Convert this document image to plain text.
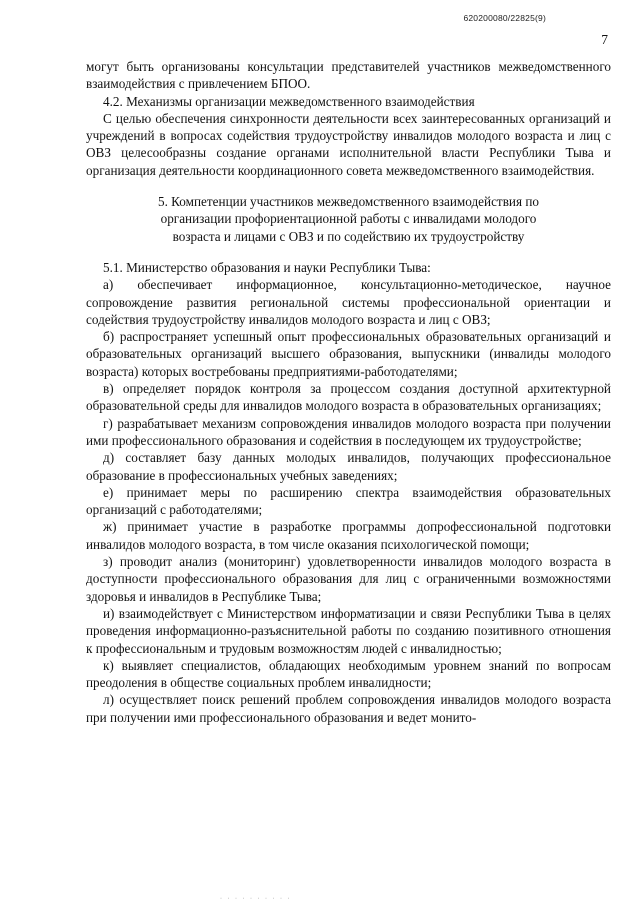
620200080/22825(9)
7

могут быть организованы консультации представителей участников межведомственного взаимодействия с привлечением БПОО.

4.2. Механизмы организации межведомственного взаимодействия

С целью обеспечения синхронности деятельности всех заинтересованных организаций и учреждений в вопросах содействия трудоустройству инвалидов молодого возраста и лиц с ОВЗ целесообразны создание органами исполнительной власти Республики Тыва и организация деятельности координационного совета межведомственного взаимодействия.

5. Компетенции участников межведомственного взаимодействия по организации профориентационной работы с инвалидами молодого возраста и лицами с ОВЗ и по содействию их трудоустройству

5.1. Министерство образования и науки Республики Тыва:

а) обеспечивает информационное, консультационно-методическое, научное сопровождение развития региональной системы профессиональной ориентации и содействия трудоустройству инвалидов молодого возраста и лиц с ОВЗ;

б) распространяет успешный опыт профессиональных образовательных организаций и образовательных организаций высшего образования, выпускники (инвалиды молодого возраста) которых востребованы предприятиями-работодателями;

в) определяет порядок контроля за процессом создания доступной архитектурной образовательной среды для инвалидов молодого возраста в образовательных организациях;

г) разрабатывает механизм сопровождения инвалидов молодого возраста при получении ими профессионального образования и содействия в последующем их трудоустройстве;

д) составляет базу данных молодых инвалидов, получающих профессиональное образование в профессиональных учебных заведениях;

е) принимает меры по расширению спектра взаимодействия образовательных организаций с работодателями;

ж) принимает участие в разработке программы допрофессиональной подготовки инвалидов молодого возраста, в том числе оказания психологической помощи;

з) проводит анализ (мониторинг) удовлетворенности инвалидов молодого возраста в доступности профессионального образования для лиц с ограниченными возможностями здоровья и инвалидов в Республике Тыва;

и) взаимодействует с Министерством информатизации и связи Республики Тыва в целях проведения информационно-разъяснительной работы по созданию позитивного отношения к профессиональным и трудовым возможностям людей с инвалидностью;

к) выявляет специалистов, обладающих необходимым уровнем знаний по вопросам преодоления в обществе социальных проблем инвалидности;

л) осуществляет поиск решений проблем сопровождения инвалидов молодого возраста при получении ими профессионального образования и ведет монито-

· · · · · · · · · ·
